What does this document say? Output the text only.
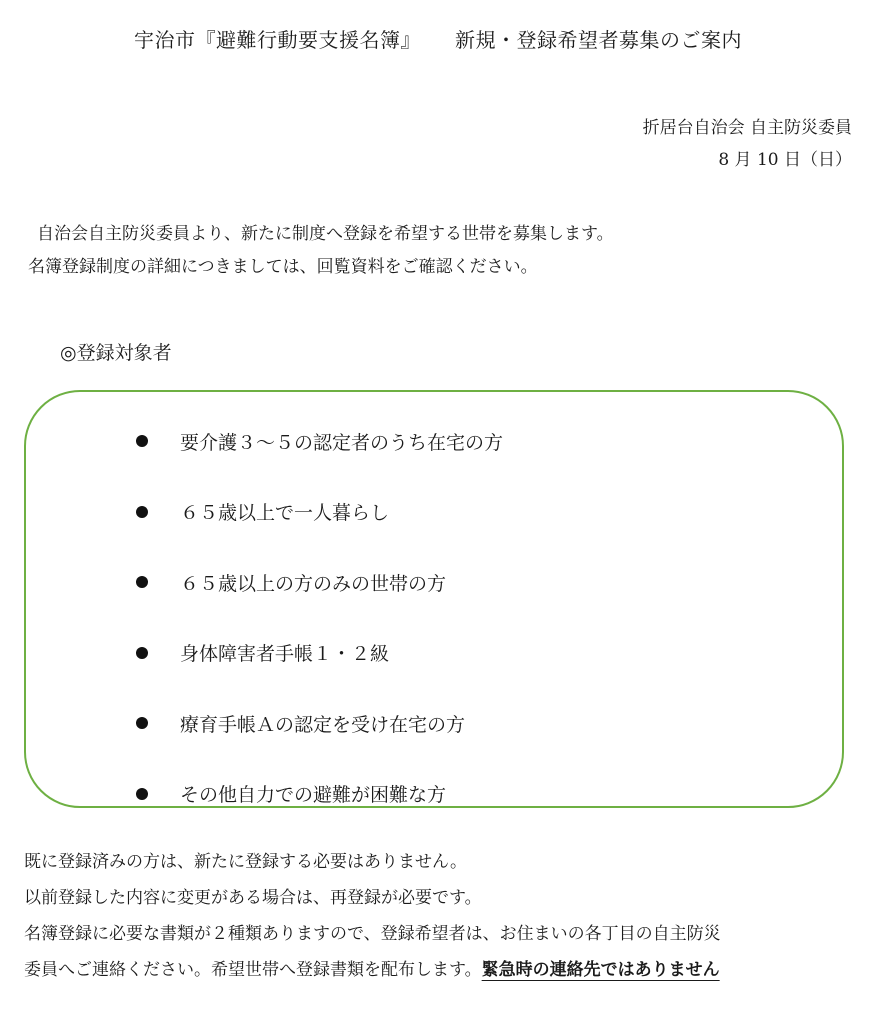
宇治市『避難行動要支援名簿』 新規・登録希望者募集のご案内
折居台自治会 自主防災委員
8 月 10 日（日）
自治会自主防災委員より、新たに制度へ登録を希望する世帯を募集します。
名簿登録制度の詳細につきましては、回覧資料をご確認ください。
◎登録対象者
要介護３～５の認定者のうち在宅の方
６５歳以上で一人暮らし
６５歳以上の方のみの世帯の方
身体障害者手帳１・２級
療育手帳Ａの認定を受け在宅の方
その他自力での避難が困難な方
既に登録済みの方は、新たに登録する必要はありません。
以前登録した内容に変更がある場合は、再登録が必要です。
名簿登録に必要な書類が２種類ありますので、登録希望者は、お住まいの各丁目の自主防災
委員へご連絡ください。希望世帯へ登録書類を配布します。緊急時の連絡先ではありません
